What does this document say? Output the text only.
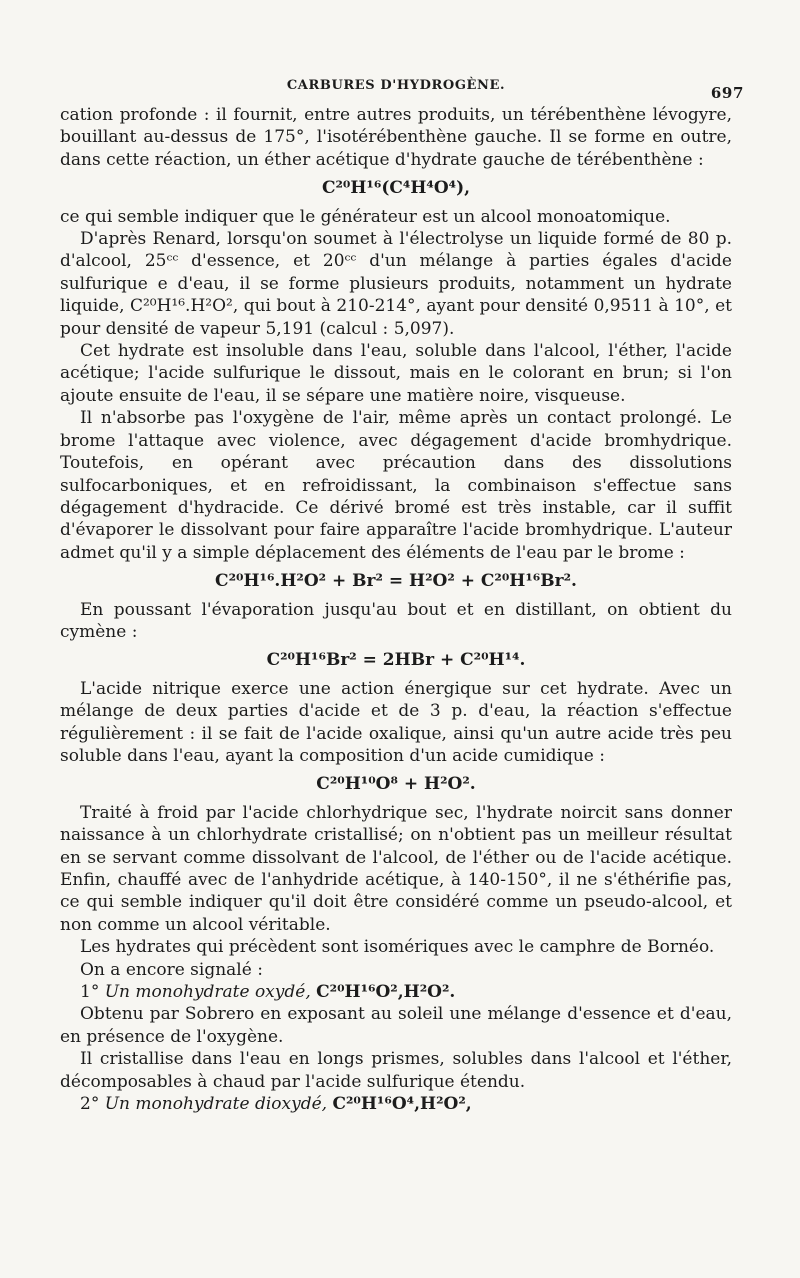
CARBURES D'HYDROGÈNE.	697

cation profonde : il fournit, entre autres produits, un térébenthène lévogyre, bouillant au-dessus de 175°, l'isotérébenthène gauche. Il se forme en outre, dans cette réaction, un éther acétique d'hydrate gauche de térébenthène :

C²⁰H¹⁶(C⁴H⁴O⁴),

ce qui semble indiquer que le générateur est un alcool monoatomique.

D'après Renard, lorsqu'on soumet à l'électrolyse un liquide formé de 80 p. d'alcool, 25ᶜᶜ d'essence, et 20ᶜᶜ d'un mélange à parties égales d'acide sulfurique e d'eau, il se forme plusieurs produits, notamment un hydrate liquide, C²⁰H¹⁶.H²O², qui bout à 210-214°, ayant pour densité 0,9511 à 10°, et pour densité de vapeur 5,191 (calcul : 5,097).

Cet hydrate est insoluble dans l'eau, soluble dans l'alcool, l'éther, l'acide acétique; l'acide sulfurique le dissout, mais en le colorant en brun; si l'on ajoute ensuite de l'eau, il se sépare une matière noire, visqueuse.

Il n'absorbe pas l'oxygène de l'air, même après un contact prolongé. Le brome l'attaque avec violence, avec dégagement d'acide bromhydrique. Toutefois, en opérant avec précaution dans des dissolutions sulfocarboniques, et en refroidissant, la combinaison s'effectue sans dégagement d'hydracide. Ce dérivé bromé est très instable, car il suffit d'évaporer le dissolvant pour faire apparaître l'acide bromhydrique. L'auteur admet qu'il y a simple déplacement des éléments de l'eau par le brome :

C²⁰H¹⁶.H²O² + Br² = H²O² + C²⁰H¹⁶Br².

En poussant l'évaporation jusqu'au bout et en distillant, on obtient du cymène :

C²⁰H¹⁶Br² = 2HBr + C²⁰H¹⁴.

L'acide nitrique exerce une action énergique sur cet hydrate. Avec un mélange de deux parties d'acide et de 3 p. d'eau, la réaction s'effectue régulièrement : il se fait de l'acide oxalique, ainsi qu'un autre acide très peu soluble dans l'eau, ayant la composition d'un acide cumidique :

C²⁰H¹⁰O⁸ + H²O².

Traité à froid par l'acide chlorhydrique sec, l'hydrate noircit sans donner naissance à un chlorhydrate cristallisé; on n'obtient pas un meilleur résultat en se servant comme dissolvant de l'alcool, de l'éther ou de l'acide acétique. Enfin, chauffé avec de l'anhydride acétique, à 140-150°, il ne s'éthérifie pas, ce qui semble indiquer qu'il doit être considéré comme un pseudo-alcool, et non comme un alcool véritable.

Les hydrates qui précèdent sont isomériques avec le camphre de Bornéo.

On a encore signalé :

1° Un monohydrate oxydé, C²⁰H¹⁶O²,H²O².

Obtenu par Sobrero en exposant au soleil une mélange d'essence et d'eau, en présence de l'oxygène.

Il cristallise dans l'eau en longs prismes, solubles dans l'alcool et l'éther, décomposables à chaud par l'acide sulfurique étendu.

2° Un monohydrate dioxydé, C²⁰H¹⁶O⁴,H²O²,
